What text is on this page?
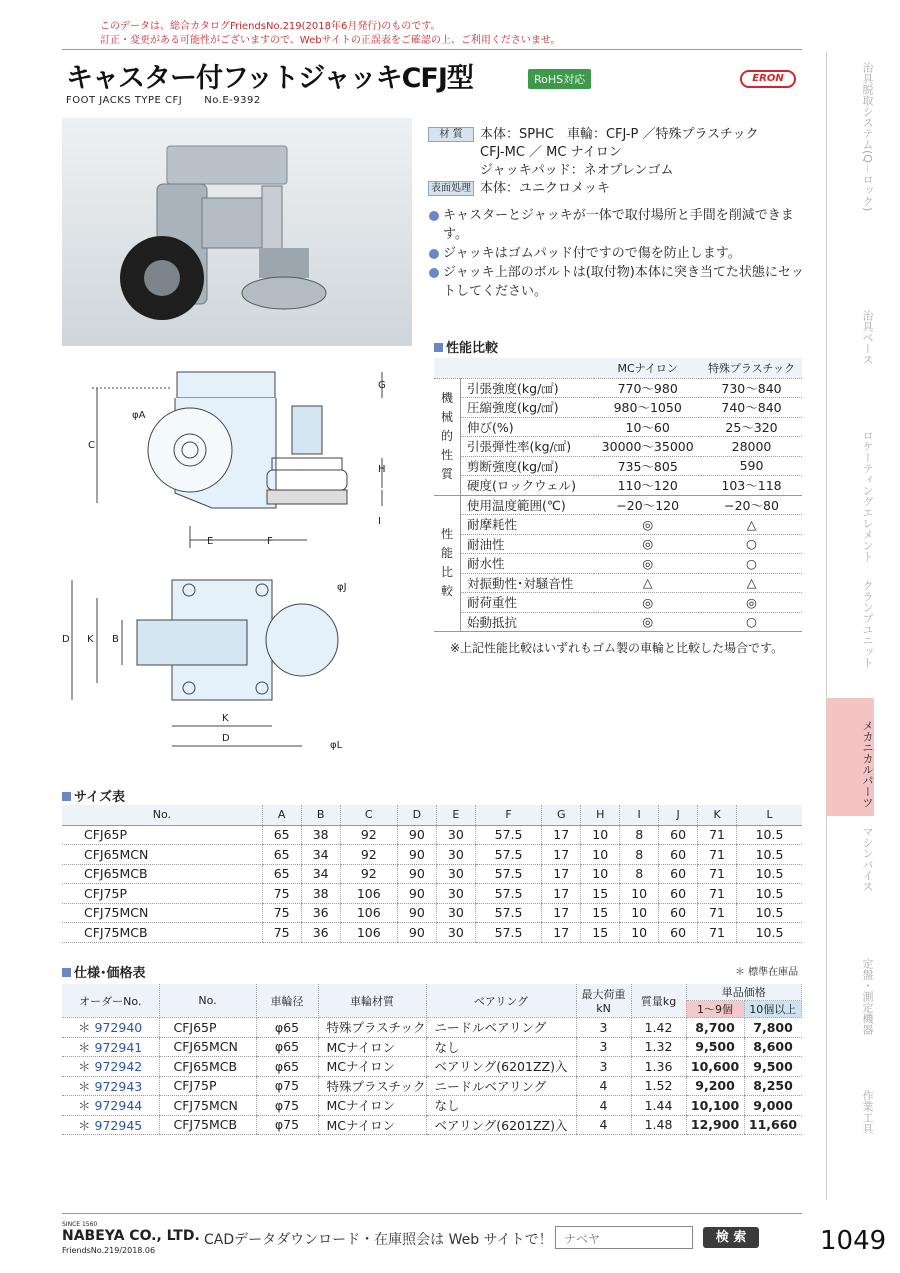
このデータは、総合カタログFriendsNo.219(2018年6月発行)のものです。
訂正・変更がある可能性がございますので、Webサイトの正誤表をご確認の上、ご利用くださいませ。
キャスター付フットジャッキCFJ型	RoHS対応	ERON
FOOT JACKS TYPE CFJ No.E-9392
材 質	本体：SPHC　車輪：CFJ-P ／特殊プラスチック
CFJ-MC ／ MC ナイロン
ジャッキパッド：ネオプレンゴム
表面処理 本体：ユニクロメッキ
キャスターとジャッキが一体で取付場所と手間を削減できます。
ジャッキはゴムパッド付ですので傷を防止します。
ジャッキ上部のボルトは(取付物)本体に突き当てた状態にセットしてください。
φA
C
G
H
I
E	F
φJ
D K B
K
D
φL
性能比較
		MCナイロン	特殊プラスチック
機械的性質	引張強度(kg/㎠)	770～980	730～840
	圧縮強度(kg/㎠)	980～1050	740～840
	伸び(%)	10～60	25～320
	引張弾性率(kg/㎠)	30000～35000	28000
	剪断強度(kg/㎠)	735～805	590
	硬度(ロックウェル)	110～120	103～118
性能比較	使用温度範囲(℃)	−20～120	−20～80
	耐摩耗性	◎	△
	耐油性	◎	○
	耐水性	◎	○
	対振動性･対騒音性	△	△
	耐荷重性	◎	◎
	始動抵抗	◎	○
※上記性能比較はいずれもゴム製の車輪と比較した場合です。
サイズ表
No.	A	B	C	D	E	F	G	H	I	J	K	L
CFJ65P	65	38	92	90	30	57.5	17	10	8	60	71	10.5
CFJ65MCN	65	34	92	90	30	57.5	17	10	8	60	71	10.5
CFJ65MCB	65	34	92	90	30	57.5	17	10	8	60	71	10.5
CFJ75P	75	38	106	90	30	57.5	17	15	10	60	71	10.5
CFJ75MCN	75	36	106	90	30	57.5	17	15	10	60	71	10.5
CFJ75MCB	75	36	106	90	30	57.5	17	15	10	60	71	10.5
仕様･価格表	＊ 標準在庫品
オーダーNo.	No.	車輪径	車輪材質	ベアリング	最大荷重kN	質量kg	単品価格	
							1～9個	10個以上
＊ 972940	CFJ65P	φ65	特殊プラスチック	ニードルベアリング	3	1.42	8,700	7,800
＊ 972941	CFJ65MCN	φ65	MCナイロン	なし	3	1.32	9,500	8,600
＊ 972942	CFJ65MCB	φ65	MCナイロン	ベアリング(6201ZZ)入	3	1.36	10,600	9,500
＊ 972943	CFJ75P	φ75	特殊プラスチック	ニードルベアリング	4	1.52	9,200	8,250
＊ 972944	CFJ75MCN	φ75	MCナイロン	なし	4	1.44	10,100	9,000
＊ 972945	CFJ75MCB	φ75	MCナイロン	ベアリング(6201ZZ)入	4	1.48	12,900	11,660
治具脱取システム(Q－ロック)
治具ベース
ロケーティングエレメント
クランプユニット
メカニカルパーツ
マシンバイス
定盤・測定機器
作業工具
SINCE 1560
NABEYA CO., LTD.
FriendsNo.219/2018.06
CADデータダウンロード・在庫照会は Web サイトで！ ナベヤ	検 索	1049
